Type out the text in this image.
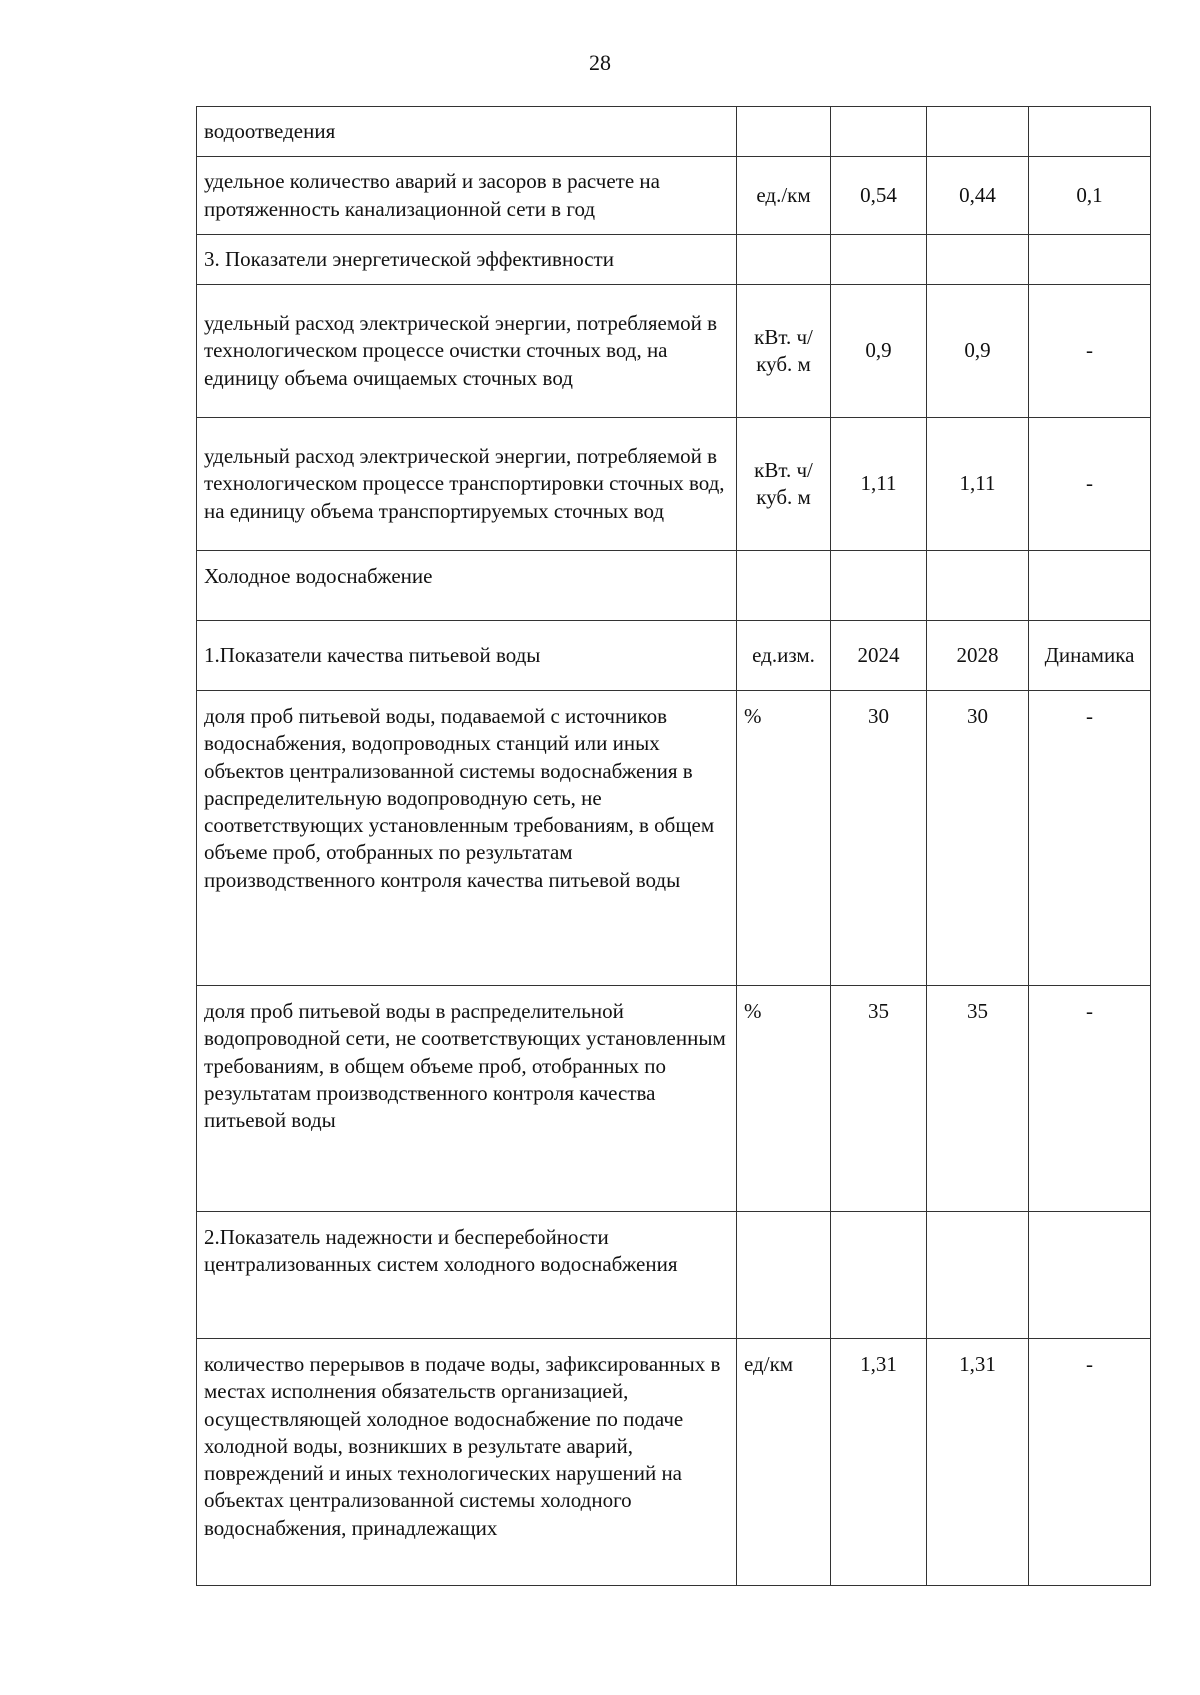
28
водоотведения				
удельное количество аварий и засоров в расчете на протяженность канализационной сети в год	ед./км	0,54	0,44	0,1
3. Показатели энергетической эффективности				
удельный расход электрической энергии, потребляемой в технологическом процессе очистки сточных вод, на единицу объема очищаемых сточных вод	кВт. ч/куб. м	0,9	0,9	-
удельный расход электрической энергии, потребляемой в технологическом процессе транспортировки сточных вод, на единицу объема транспортируемых сточных вод	кВт. ч/куб. м	1,11	1,11	-
Холодное водоснабжение				
1.Показатели качества питьевой воды	ед.изм.	2024	2028	Динамика
доля проб питьевой воды, подаваемой с источников водоснабжения, водопроводных станций или иных объектов централизованной системы водоснабжения в распределительную водопроводную сеть, не соответствующих установленным требованиям, в общем объеме проб, отобранных по результатам производственного контроля качества питьевой воды	%	30	30	-
доля проб питьевой воды в распределительной водопроводной сети, не соответствующих установленным требованиям, в общем объеме проб, отобранных по результатам производственного контроля качества питьевой воды	%	35	35	-
2.Показатель надежности и бесперебойности централизованных систем холодного водоснабжения				
количество перерывов в подаче воды, зафиксированных в местах исполнения обязательств организацией, осуществляющей холодное водоснабжение по подаче холодной воды, возникших в результате аварий, повреждений и иных технологических нарушений на объектах централизованной системы холодного водоснабжения, принадлежащих	ед/км	1,31	1,31	-
